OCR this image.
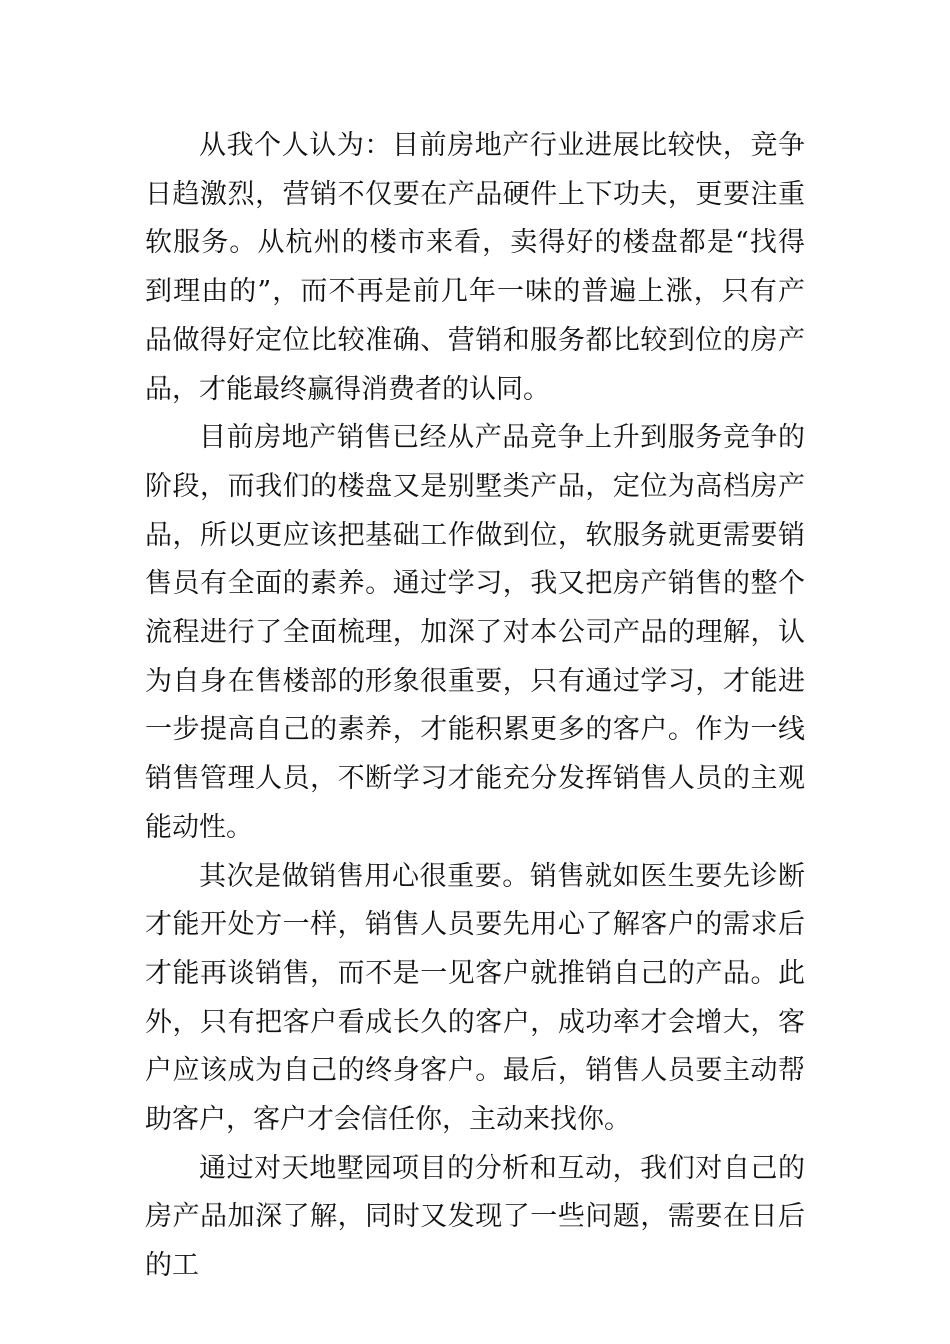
从我个人认为：目前房地产行业进展比较快，竞争日趋激烈，营销不仅要在产品硬件上下功夫，更要注重软服务。从杭州的楼市来看，卖得好的楼盘都是“找得到理由的”，而不再是前几年一味的普遍上涨，只有产品做得好定位比较准确、营销和服务都比较到位的房产品，才能最终赢得消费者的认同。

目前房地产销售已经从产品竞争上升到服务竞争的阶段，而我们的楼盘又是别墅类产品，定位为高档房产品，所以更应该把基础工作做到位，软服务就更需要销售员有全面的素养。通过学习，我又把房产销售的整个流程进行了全面梳理，加深了对本公司产品的理解，认为自身在售楼部的形象很重要，只有通过学习，才能进一步提高自己的素养，才能积累更多的客户。作为一线销售管理人员，不断学习才能充分发挥销售人员的主观能动性。

其次是做销售用心很重要。销售就如医生要先诊断才能开处方一样，销售人员要先用心了解客户的需求后才能再谈销售，而不是一见客户就推销自己的产品。此外，只有把客户看成长久的客户，成功率才会增大，客户应该成为自己的终身客户。最后，销售人员要主动帮助客户，客户才会信任你，主动来找你。

通过对天地墅园项目的分析和互动，我们对自己的房产品加深了解，同时又发现了一些问题，需要在日后的工
